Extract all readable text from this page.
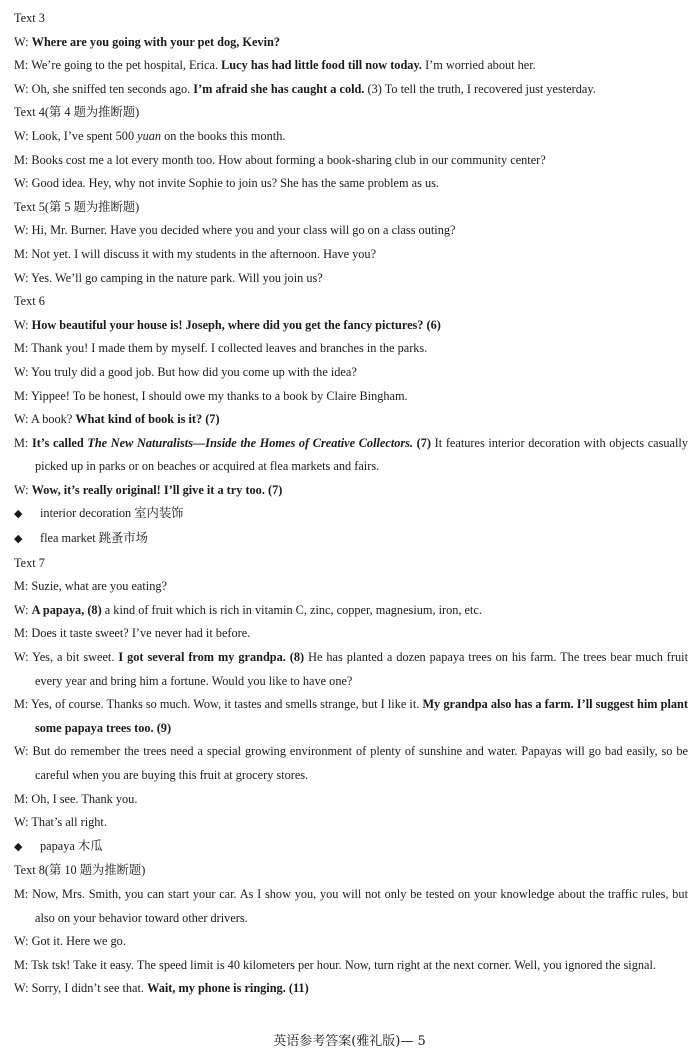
Text 3
W: Where are you going with your pet dog, Kevin?
M: We’re going to the pet hospital, Erica. Lucy has had little food till now today. I’m worried about her.
W: Oh, she sniffed ten seconds ago. I’m afraid she has caught a cold. (3) To tell the truth, I recovered just yesterday.
Text 4(第 4 题为推断题)
W: Look, I’ve spent 500 yuan on the books this month.
M: Books cost me a lot every month too. How about forming a book-sharing club in our community center?
W: Good idea. Hey, why not invite Sophie to join us? She has the same problem as us.
Text 5(第 5 题为推断题)
W: Hi, Mr. Burner. Have you decided where you and your class will go on a class outing?
M: Not yet. I will discuss it with my students in the afternoon. Have you?
W: Yes. We’ll go camping in the nature park. Will you join us?
Text 6
W: How beautiful your house is! Joseph, where did you get the fancy pictures? (6)
M: Thank you! I made them by myself. I collected leaves and branches in the parks.
W: You truly did a good job. But how did you come up with the idea?
M: Yippee! To be honest, I should owe my thanks to a book by Claire Bingham.
W: A book? What kind of book is it? (7)
M: It’s called The New Naturalists—Inside the Homes of Creative Collectors. (7) It features interior decoration with objects casually picked up in parks or on beaches or acquired at flea markets and fairs.
W: Wow, it’s really original! I’ll give it a try too. (7)
◆ interior decoration 室内装饰
◆ flea market 跳蚤市场
Text 7
M: Suzie, what are you eating?
W: A papaya, (8) a kind of fruit which is rich in vitamin C, zinc, copper, magnesium, iron, etc.
M: Does it taste sweet? I’ve never had it before.
W: Yes, a bit sweet. I got several from my grandpa. (8) He has planted a dozen papaya trees on his farm. The trees bear much fruit every year and bring him a fortune. Would you like to have one?
M: Yes, of course. Thanks so much. Wow, it tastes and smells strange, but I like it. My grandpa also has a farm. I’ll suggest him plant some papaya trees too. (9)
W: But do remember the trees need a special growing environment of plenty of sunshine and water. Papayas will go bad easily, so be careful when you are buying this fruit at grocery stores.
M: Oh, I see. Thank you.
W: That’s all right.
◆ papaya 木瓜
Text 8(第 10 题为推断题)
M: Now, Mrs. Smith, you can start your car. As I show you, you will not only be tested on your knowledge about the traffic rules, but also on your behavior toward other drivers.
W: Got it. Here we go.
M: Tsk tsk! Take it easy. The speed limit is 40 kilometers per hour. Now, turn right at the next corner. Well, you ignored the signal.
W: Sorry, I didn’t see that. Wait, my phone is ringing. (11)
英语参考答案(雅礼版)— 5
